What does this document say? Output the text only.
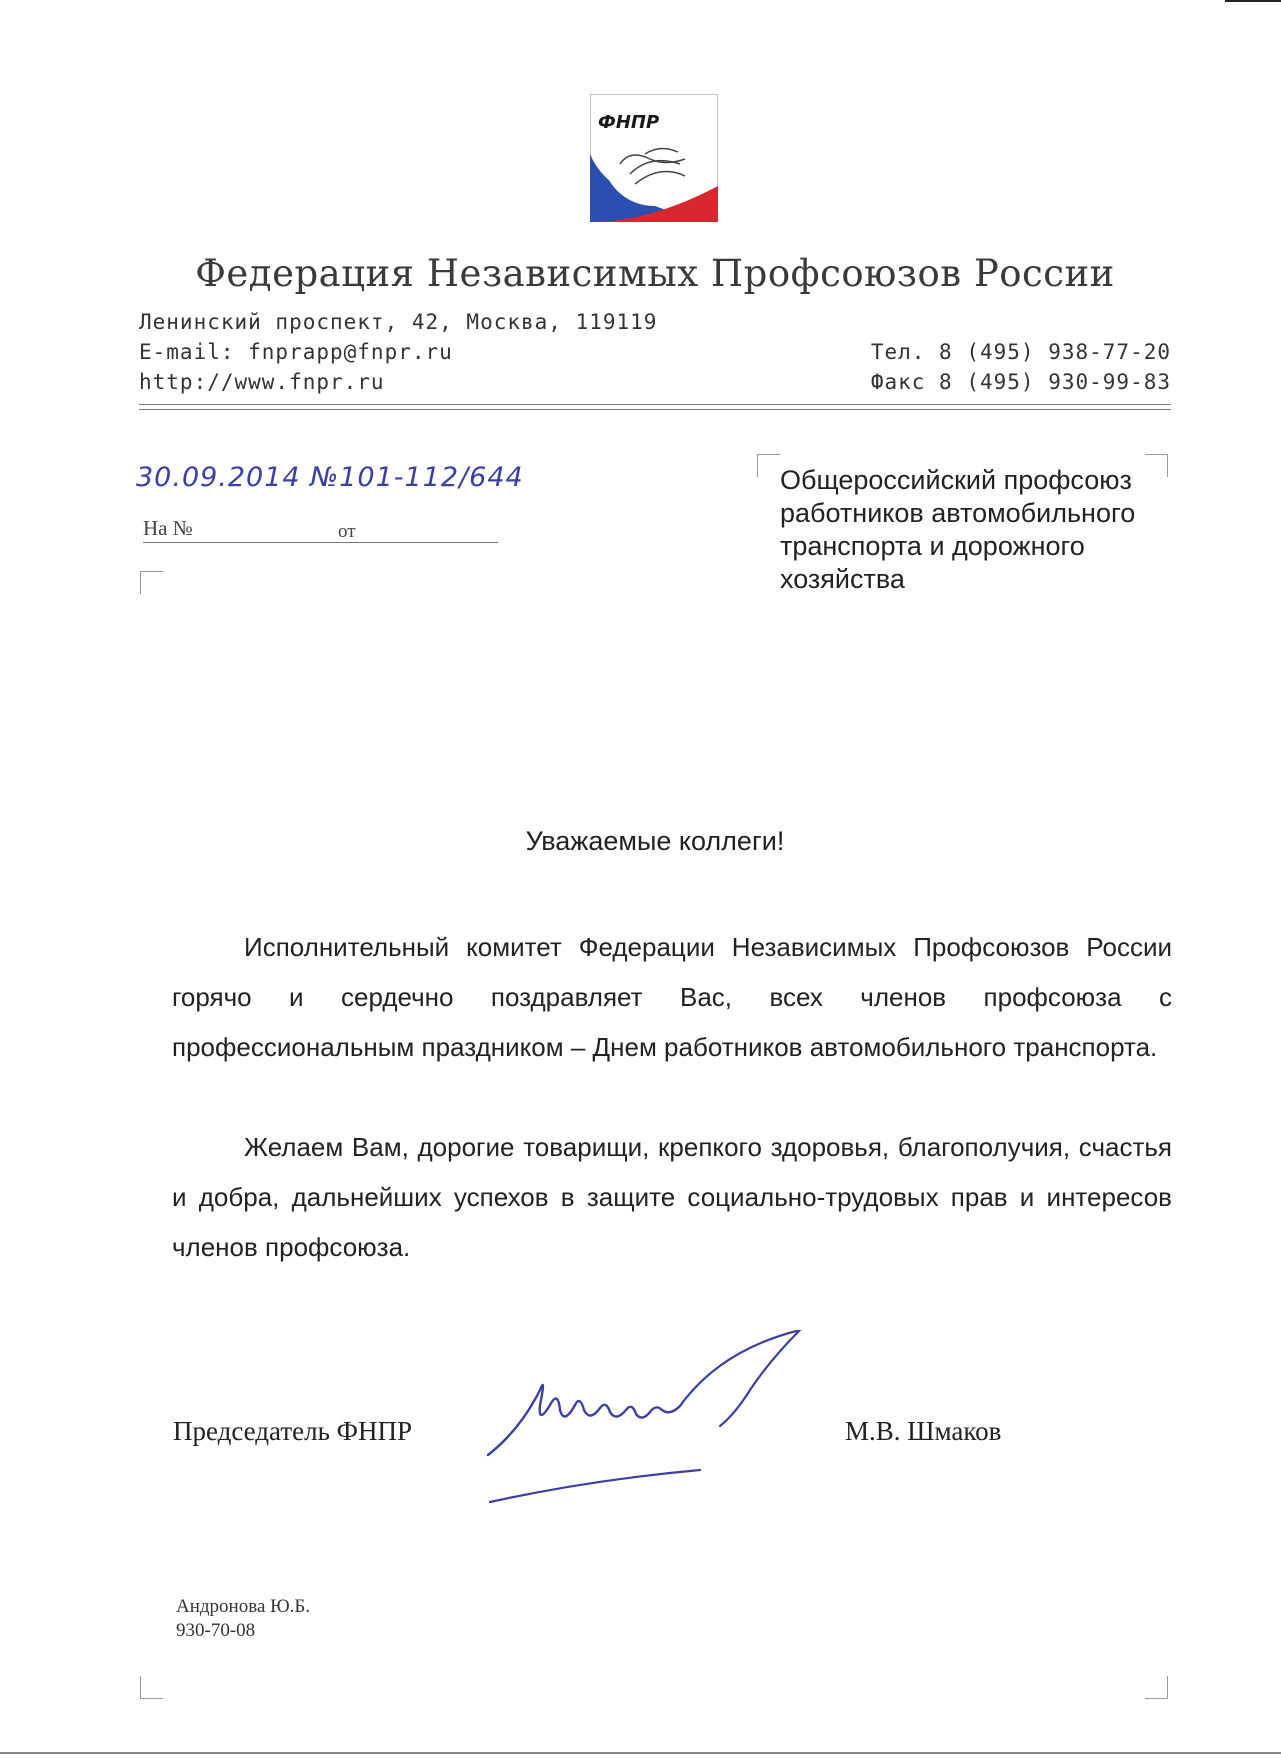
ФНПР
Федерация Независимых Профсоюзов России
Ленинский проспект, 42, Москва, 119119
E-mail: fnprapp@fnpr.ru
http://www.fnpr.ru
Тел. 8 (495) 938-77-20
Факс 8 (495) 930-99-83
30.09.2014 №101-112/644
На №	от
Общероссийский профсоюз
работников автомобильного
транспорта и дорожного
хозяйства
Уважаемые коллеги!
Исполнительный комитет Федерации Независимых Профсоюзов России горячо и сердечно поздравляет Вас, всех членов профсоюза с профессиональным праздником – Днем работников автомобильного транспорта.
Желаем Вам, дорогие товарищи, крепкого здоровья, благополучия, счастья и добра, дальнейших успехов в защите социально-трудовых прав и интересов членов профсоюза.
Председатель ФНПР	М.В. Шмаков
Андронова Ю.Б.
930-70-08
